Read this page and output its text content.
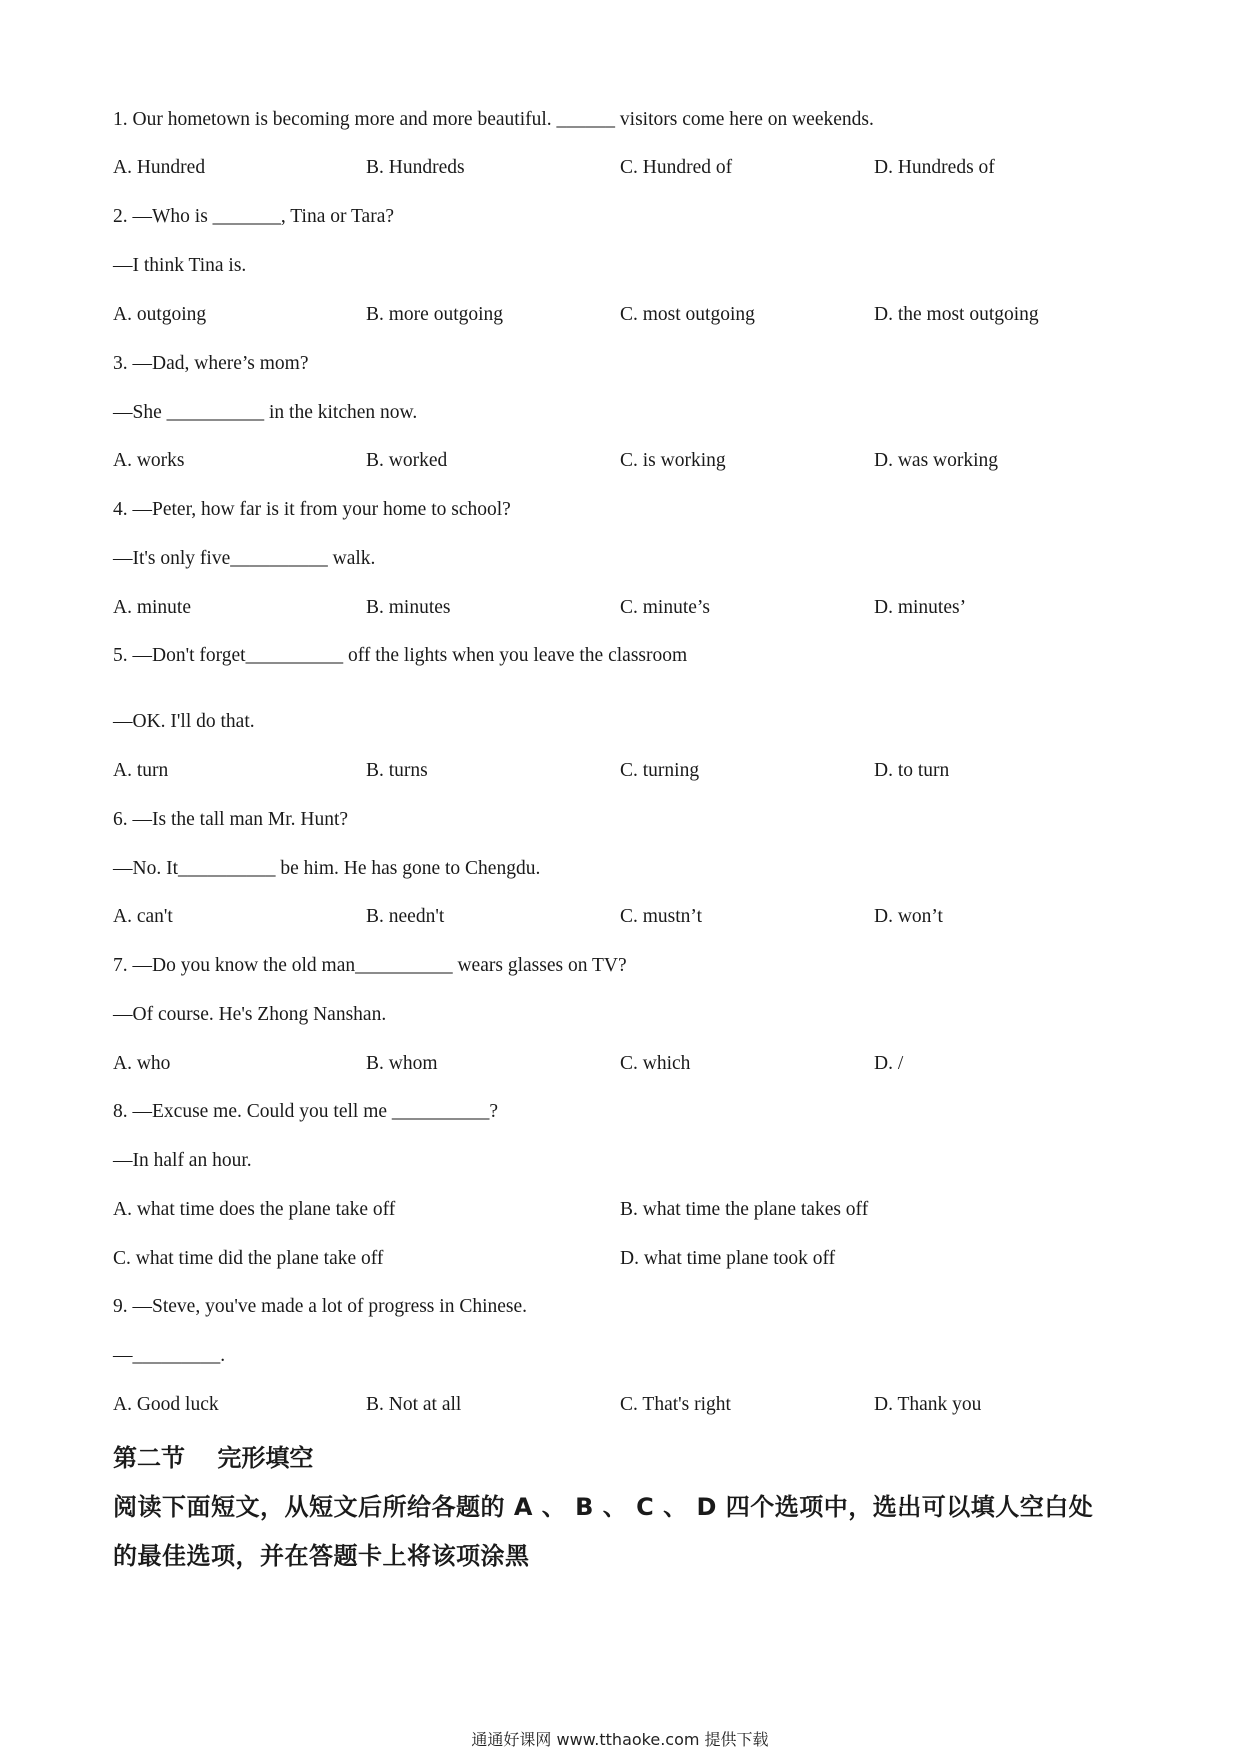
1. Our hometown is becoming more and more beautiful. ______ visitors come here on weekends.
A. Hundred	B. Hundreds	C. Hundred of	D. Hundreds of
2. —Who is _______, Tina or Tara?
—I think Tina is.
A. outgoing	B. more outgoing	C. most outgoing	D. the most outgoing
3. —Dad, where’s mom?
—She __________ in the kitchen now.
A. works	B. worked	C. is working	D. was working
4. —Peter, how far is it from your home to school?
—It's only five__________ walk.
A. minute	B. minutes	C. minute’s	D. minutes’
5. —Don't forget__________ off the lights when you leave the classroom
—OK. I'll do that.
A. turn	B. turns	C. turning	D. to turn
6. —Is the tall man Mr. Hunt?
—No. It__________ be him. He has gone to Chengdu.
A. can't	B. needn't	C. mustn’t	D. won’t
7. —Do you know the old man__________ wears glasses on TV?
—Of course. He's Zhong Nanshan.
A. who	B. whom	C. which	D. /
8. —Excuse me. Could you tell me __________?
—In half an hour.
A. what time does the plane take off	B. what time the plane takes off
C. what time did the plane take off	D. what time plane took off
9. —Steve, you've made a lot of progress in Chinese.
—_________.
A. Good luck	B. Not at all	C. That's right	D. Thank you
第二节　 完形填空
阅读下面短文，从短文后所给各题的 A 、 B 、 C 、 D 四个选项中，选出可以填人空白处
的最佳选项，并在答题卡上将该项涂黑
通通好课网 www.tthaoke.com 提供下载
